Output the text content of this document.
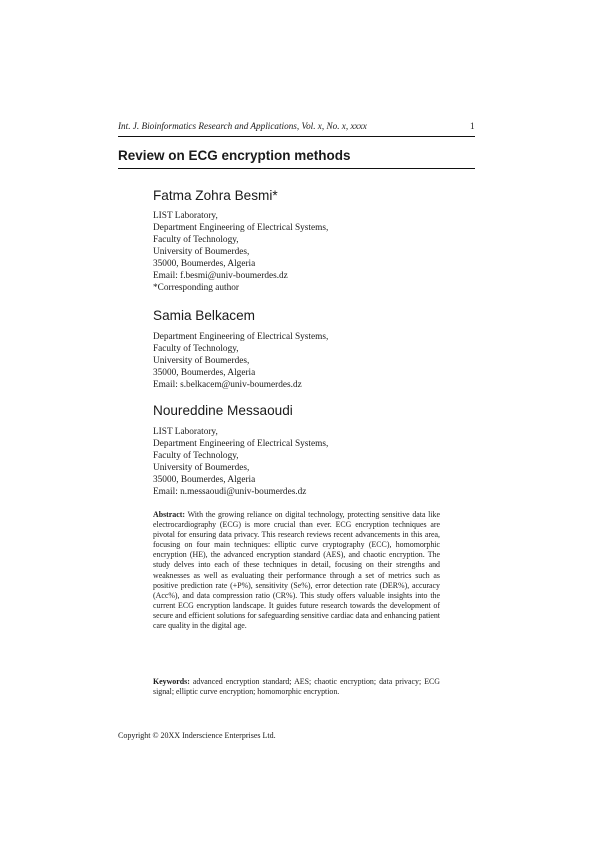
Int. J. Bioinformatics Research and Applications, Vol. x, No. x, xxxx	1
Review on ECG encryption methods
Fatma Zohra Besmi*
LIST Laboratory,
Department Engineering of Electrical Systems,
Faculty of Technology,
University of Boumerdes,
35000, Boumerdes, Algeria
Email: f.besmi@univ-boumerdes.dz
*Corresponding author
Samia Belkacem
Department Engineering of Electrical Systems,
Faculty of Technology,
University of Boumerdes,
35000, Boumerdes, Algeria
Email: s.belkacem@univ-boumerdes.dz
Noureddine Messaoudi
LIST Laboratory,
Department Engineering of Electrical Systems,
Faculty of Technology,
University of Boumerdes,
35000, Boumerdes, Algeria
Email: n.messaoudi@univ-boumerdes.dz
Abstract: With the growing reliance on digital technology, protecting sensitive data like electrocardiography (ECG) is more crucial than ever. ECG encryption techniques are pivotal for ensuring data privacy. This research reviews recent advancements in this area, focusing on four main techniques: elliptic curve cryptography (ECC), homomorphic encryption (HE), the advanced encryption standard (AES), and chaotic encryption. The study delves into each of these techniques in detail, focusing on their strengths and weaknesses as well as evaluating their performance through a set of metrics such as positive prediction rate (+P%), sensitivity (Se%), error detection rate (DER%), accuracy (Acc%), and data compression ratio (CR%). This study offers valuable insights into the current ECG encryption landscape. It guides future research towards the development of secure and efficient solutions for safeguarding sensitive cardiac data and enhancing patient care quality in the digital age.
Keywords: advanced encryption standard; AES; chaotic encryption; data privacy; ECG signal; elliptic curve encryption; homomorphic encryption.
Copyright © 20XX Inderscience Enterprises Ltd.
